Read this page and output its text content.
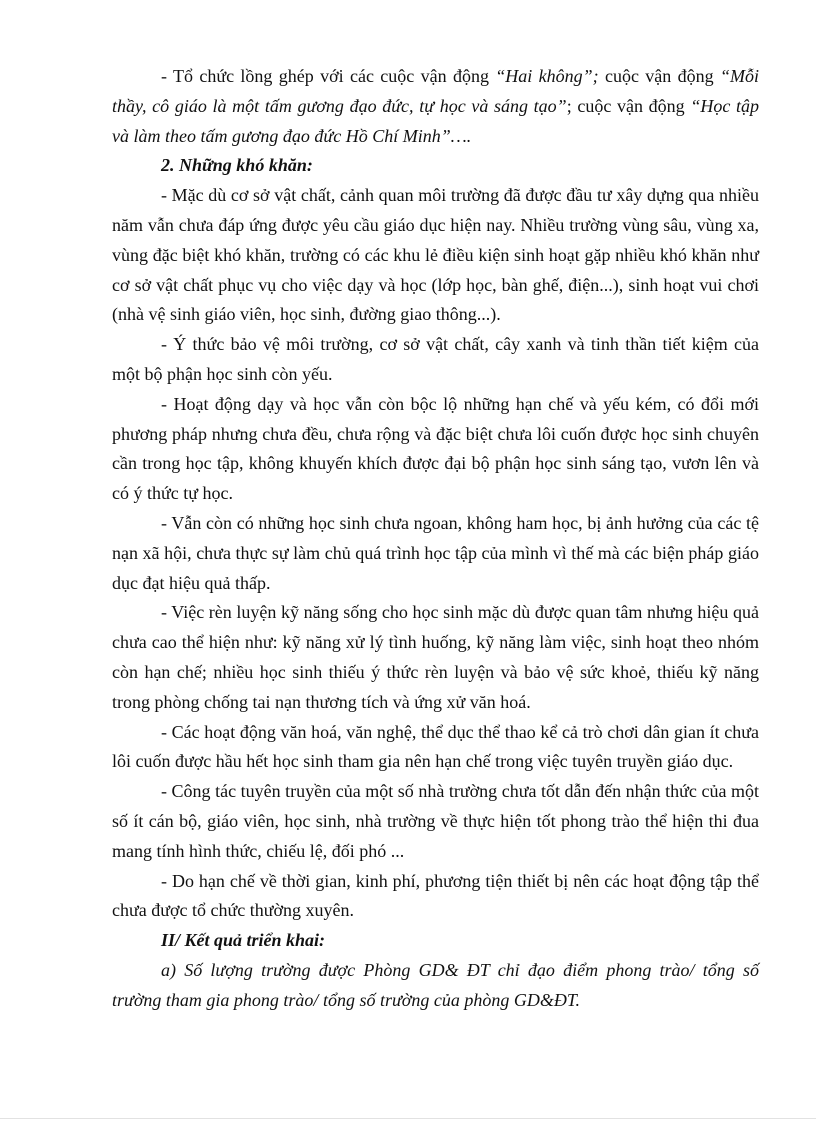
- Tổ chức lồng ghép với các cuộc vận động “Hai không”; cuộc vận động “Mỗi thầy, cô giáo là một tấm gương đạo đức, tự học và sáng tạo”; cuộc vận động “Học tập và làm theo tấm gương đạo đức Hồ Chí Minh”….

2. Những khó khăn:

- Mặc dù cơ sở vật chất, cảnh quan môi trường đã được đầu tư xây dựng qua nhiều năm vẫn chưa đáp ứng được yêu cầu giáo dục hiện nay. Nhiều trường vùng sâu, vùng xa, vùng đặc biệt khó khăn, trường có các khu lẻ điều kiện sinh hoạt gặp nhiều khó khăn như cơ sở vật chất phục vụ cho việc dạy và học (lớp học, bàn ghế, điện...), sinh hoạt vui chơi (nhà vệ sinh giáo viên, học sinh, đường giao thông...).

- Ý thức bảo vệ môi trường, cơ sở vật chất, cây xanh và tinh thần tiết kiệm của một bộ phận học sinh còn yếu.

- Hoạt động dạy và học vẫn còn bộc lộ những hạn chế và yếu kém, có đổi mới phương pháp nhưng chưa đều, chưa rộng và đặc biệt chưa lôi cuốn được học sinh chuyên cần trong học tập, không khuyến khích được đại bộ phận học sinh sáng tạo, vươn lên và có ý thức tự học.

- Vẫn còn có những học sinh chưa ngoan, không ham học, bị ảnh hưởng của các tệ nạn xã hội, chưa thực sự làm chủ quá trình học tập của mình vì thế mà các biện pháp giáo dục đạt hiệu quả thấp.

- Việc rèn luyện kỹ năng sống cho học sinh mặc dù được quan tâm nhưng hiệu quả chưa cao thể hiện như: kỹ năng xử lý tình huống, kỹ năng làm việc, sinh hoạt theo nhóm còn hạn chế; nhiều học sinh thiếu ý thức rèn luyện và bảo vệ sức khoẻ, thiếu kỹ năng trong phòng chống tai nạn thương tích và ứng xử văn hoá.

- Các hoạt động văn hoá, văn nghệ, thể dục thể thao kể cả trò chơi dân gian ít chưa lôi cuốn được hầu hết học sinh tham gia nên hạn chế trong việc tuyên truyền giáo dục.

- Công tác tuyên truyền của một số nhà trường chưa tốt dẫn đến nhận thức của một số ít cán bộ, giáo viên, học sinh, nhà trường về thực hiện tốt phong trào thể hiện thi đua mang tính hình thức, chiếu lệ, đối phó ...

- Do hạn chế về thời gian, kinh phí, phương tiện thiết bị nên các hoạt động tập thể chưa được tổ chức thường xuyên.

II/ Kết quả triển khai:

a) Số lượng trường được Phòng GD& ĐT chỉ đạo điểm phong trào/ tổng số trường tham gia phong trào/ tổng số trường của phòng GD&ĐT.
